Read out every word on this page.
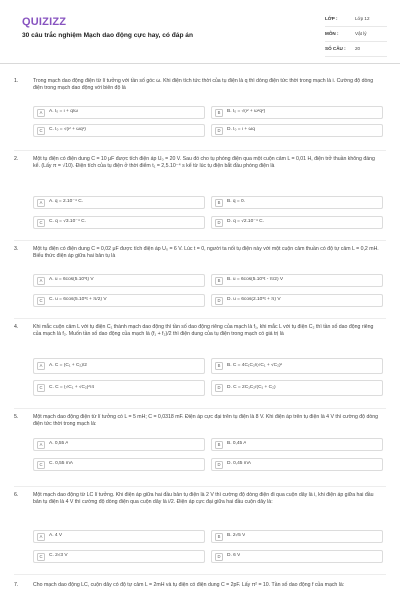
QUIZIZZ
30 câu trắc nghiệm Mạch dao động cực hay, có đáp án
LỚP :	Lớp 12
MÔN :	Vật lý
SỐ CÂU :	20
1.	Trong mạch dao động điện từ lí tưởng với tần số góc ω. Khi điện tích tức thời của tụ điện là q thì dòng điện tức thời trong mạch là i. Cường độ dòng điện trong mạch dao động với biên độ là
A	A. I₀ = i + q/ω	B	B. I₀ = √(i² + ω²q²)
C	C. I₀ = √(i² + ωq²)	D	D. I₀ = i + ωq
2.	Một tụ điện có điện dung C = 10 μF được tích điện áp U₀ = 20 V. Sau đó cho tụ phóng điện qua một cuộn cảm L = 0,01 H, điện trở thuần không đáng kể. (Lấy π = √10). Điện tích của tụ điện ở thời điểm t₁ = 2,5.10⁻⁴ s kể từ lúc tụ điện bắt đầu phóng điện là
A	A. q = 2.10⁻⁴ C.	B	B. q = 0.
C	C. q = √3.10⁻⁴ C.	D	D. q = √2.10⁻⁴ C.
3.	Một tụ điện có điện dung C = 0,02 μF được tích điện áp U₀ = 6 V. Lúc t = 0, người ta nối tụ điện này với một cuộn cảm thuần có độ tự cảm L = 0,2 mH. Biểu thức điện áp giữa hai bản tụ là
A	A. u = 6cos(5.10⁵t) V	B	B. u = 6cos(5.10⁵t - π/2) V
C	C. u = 6cos(5.10⁵t + π/2) V	D	D. u = 6cos(2.10⁵t + π) V
4.	Khi mắc cuộn cảm L với tụ điện C₁ thành mạch dao động thì tần số dao động riêng của mạch là f₁, khi mắc L với tụ điện C₂ thì tần số dao động riêng của mạch là f₂. Muốn tần số dao động của mạch là (f₁ + f₂)/2 thì điện dung của tụ điện trong mạch có giá trị là
A	A. C = (C₁ + C₂)/2	B	B. C = 4C₁C₂/(√C₁ + √C₂)²
C	C. C = (√C₁ + √C₂)²/4	D	D. C = 2C₁C₂/(C₁ + C₂)
5.	Một mạch dao động điện từ lí tưởng có L = 5 mH; C = 0,0318 mF. Điện áp cực đại trên tụ điện là 8 V. Khi điện áp trên tụ điện là 4 V thì cường độ dòng điện tức thời trong mạch là:
A	A. 0,55 A	B	B. 0,45 A
C	C. 0,55 mA	D	D. 0,45 mA
6.	Một mạch dao động từ LC lí tưởng. Khi điện áp giữa hai đầu bản tụ điện là 2 V thì cường độ dòng điện đi qua cuộn dây là i, khi điện áp giữa hai đầu bản tụ điện là 4 V thì cường độ dòng điện qua cuộn dây là i/2. Điện áp cực đại giữa hai đầu cuộn dây là:
A	A. 4 V	B	B. 2√5 V
C	C. 2√3 V	D	D. 6 V
7.	Cho mạch dao động LC, cuộn dây có độ tự cảm L = 2mH và tụ điện có điện dung C = 2pF. Lấy π² = 10. Tần số dao động f của mạch là:
